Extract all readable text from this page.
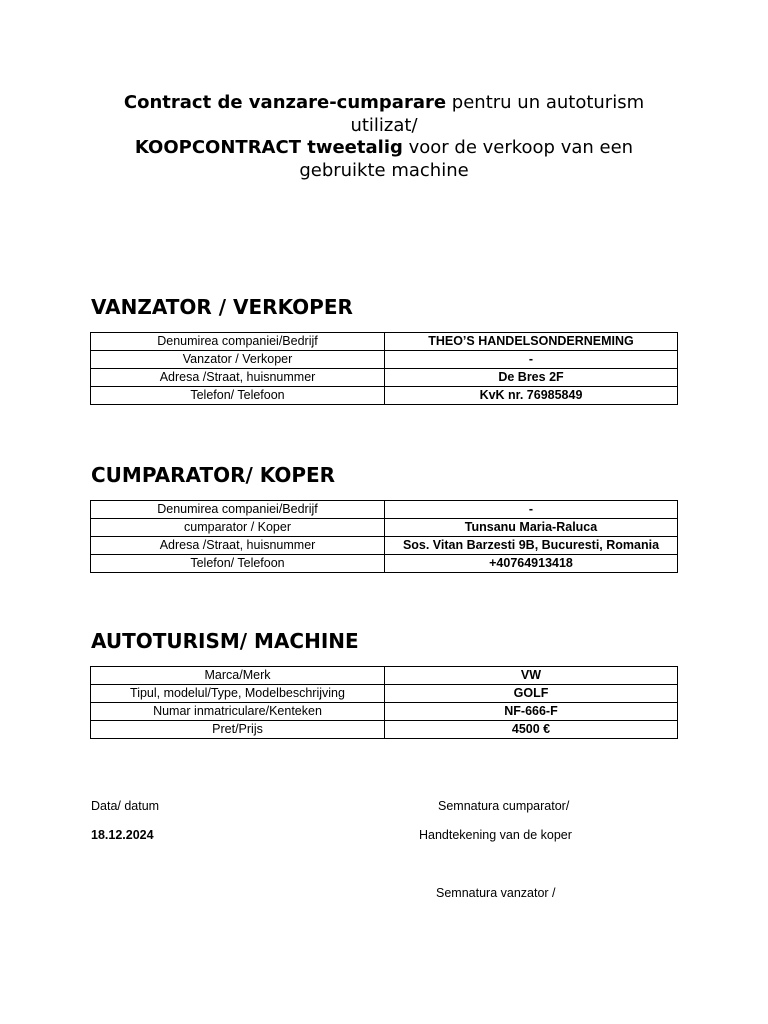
Contract de vanzare-cumparare pentru un autoturism utilizat/
KOOPCONTRACT tweetalig voor de verkoop van een gebruikte machine
VANZATOR / VERKOPER
Denumirea companiei/Bedrijf	THEO’S HANDELSONDERNEMING
Vanzator / Verkoper	-
Adresa /Straat, huisnummer	De Bres 2F
Telefon/ Telefoon	KvK nr. 76985849
CUMPARATOR/ KOPER
Denumirea companiei/Bedrijf	-
cumparator / Koper	Tunsanu Maria-Raluca
Adresa /Straat, huisnummer	Sos. Vitan Barzesti 9B, Bucuresti, Romania
Telefon/ Telefoon	+40764913418
AUTOTURISM/ MACHINE
Marca/Merk	VW
Tipul, modelul/Type, Modelbeschrijving	GOLF
Numar inmatriculare/Kenteken	NF-666-F
Pret/Prijs	4500 €
Data/ datum
18.12.2024
Semnatura cumparator/
Handtekening van de koper
Semnatura vanzator /
